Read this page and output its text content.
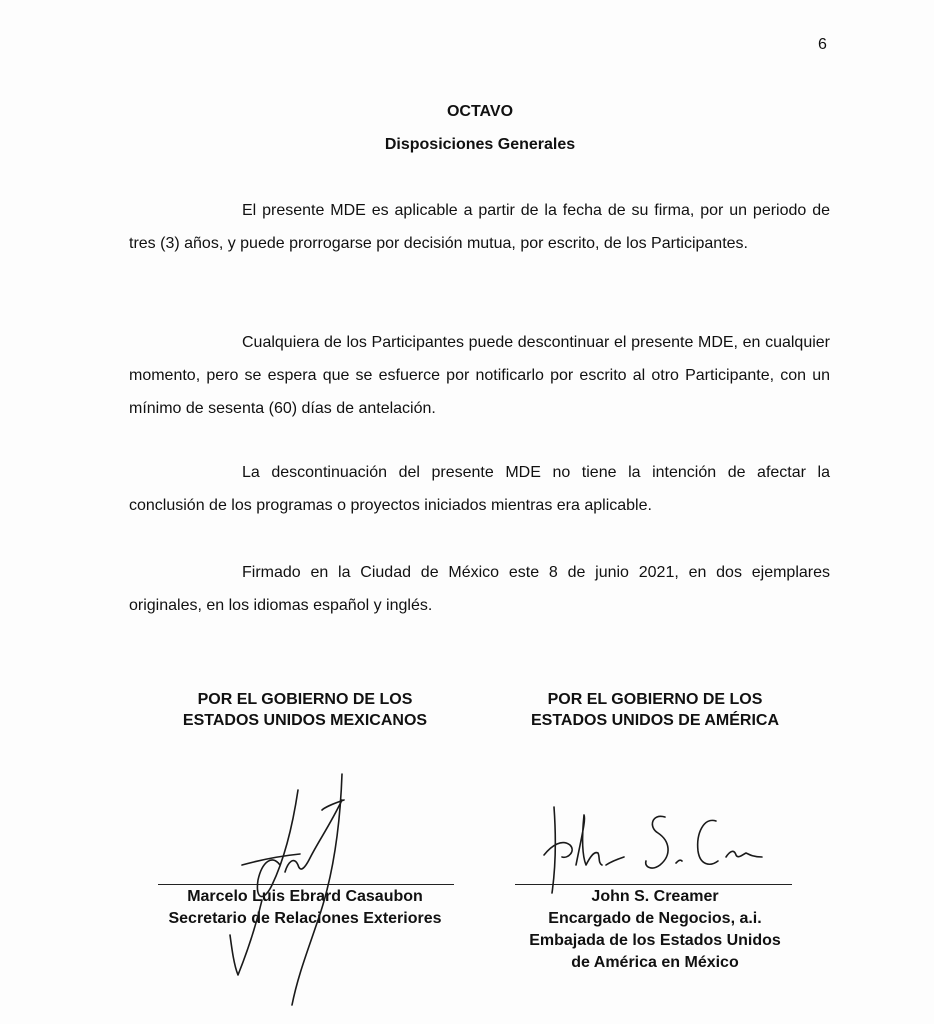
6
OCTAVO
Disposiciones Generales

El presente MDE es aplicable a partir de la fecha de su firma, por un periodo de tres (3) años, y puede prorrogarse por decisión mutua, por escrito, de los Participantes.

Cualquiera de los Participantes puede descontinuar el presente MDE, en cualquier momento, pero se espera que se esfuerce por notificarlo por escrito al otro Participante, con un mínimo de sesenta (60) días de antelación.

La descontinuación del presente MDE no tiene la intención de afectar la conclusión de los programas o proyectos iniciados mientras era aplicable.

Firmado en la Ciudad de México este 8 de junio 2021, en dos ejemplares originales, en los idiomas español y inglés.

POR EL GOBIERNO DE LOS
ESTADOS UNIDOS MEXICANOS
POR EL GOBIERNO DE LOS
ESTADOS UNIDOS DE AMÉRICA
Marcelo Luis Ebrard Casaubon
Secretario de Relaciones Exteriores
John S. Creamer
Encargado de Negocios, a.i.
Embajada de los Estados Unidos
de América en México
